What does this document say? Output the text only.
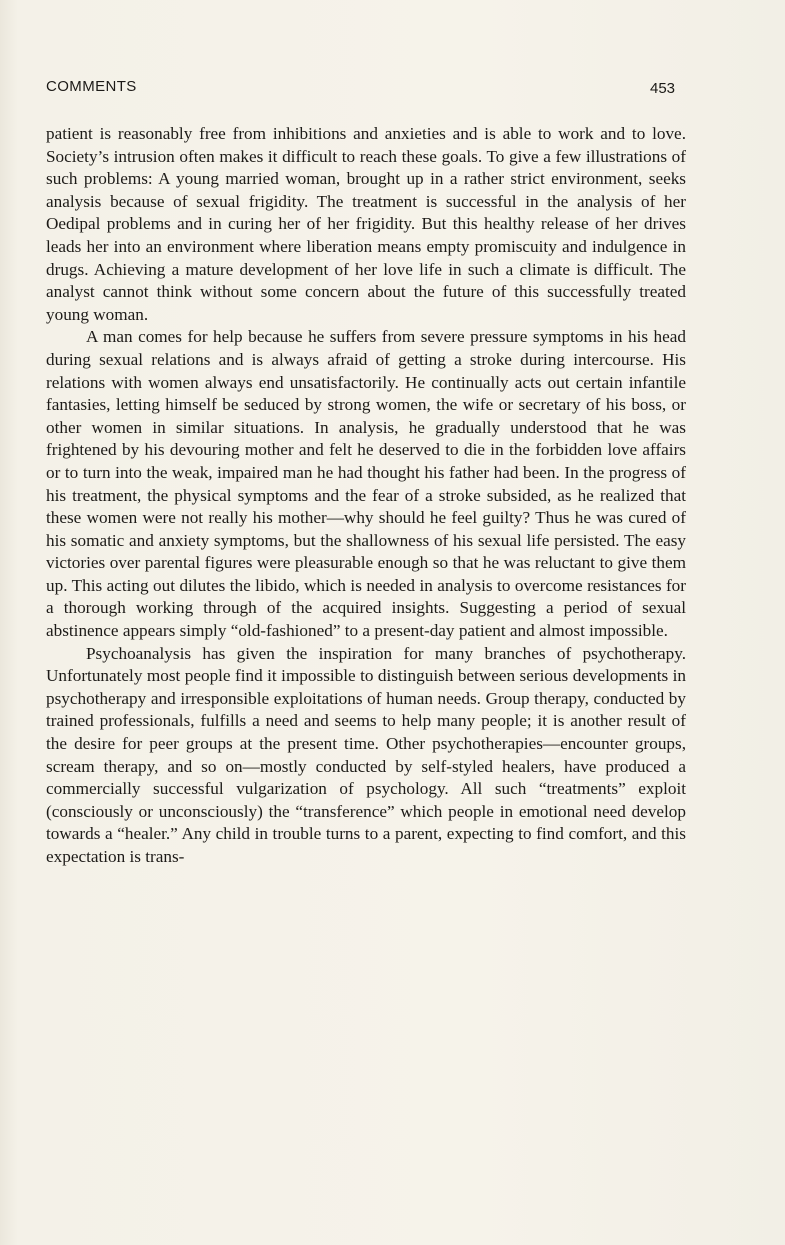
COMMENTS	453

patient is reasonably free from inhibitions and anxieties and is able to work and to love. Society’s intrusion often makes it difficult to reach these goals. To give a few illustrations of such problems: A young married woman, brought up in a rather strict environment, seeks analysis because of sexual frigidity. The treatment is successful in the analysis of her Oedipal problems and in curing her of her frigidity. But this healthy release of her drives leads her into an environment where liberation means empty promiscuity and indulgence in drugs. Achieving a mature development of her love life in such a climate is difficult. The analyst cannot think without some concern about the future of this successfully treated young woman.

A man comes for help because he suffers from severe pressure symptoms in his head during sexual relations and is always afraid of getting a stroke during intercourse. His relations with women always end unsatisfactorily. He continually acts out certain infantile fantasies, letting himself be seduced by strong women, the wife or secretary of his boss, or other women in similar situations. In analysis, he gradually understood that he was frightened by his devouring mother and felt he deserved to die in the forbidden love affairs or to turn into the weak, impaired man he had thought his father had been. In the progress of his treatment, the physical symptoms and the fear of a stroke subsided, as he realized that these women were not really his mother—why should he feel guilty? Thus he was cured of his somatic and anxiety symptoms, but the shallowness of his sexual life persisted. The easy victories over parental figures were pleasurable enough so that he was reluctant to give them up. This acting out dilutes the libido, which is needed in analysis to overcome resistances for a thorough working through of the acquired insights. Suggesting a period of sexual abstinence appears simply “old-fashioned” to a present-day patient and almost impossible.

Psychoanalysis has given the inspiration for many branches of psychotherapy. Unfortunately most people find it impossible to distinguish between serious developments in psychotherapy and irresponsible exploitations of human needs. Group therapy, conducted by trained professionals, fulfills a need and seems to help many people; it is another result of the desire for peer groups at the present time. Other psychotherapies—encounter groups, scream therapy, and so on—mostly conducted by self-styled healers, have produced a commercially successful vulgarization of psychology. All such “treatments” exploit (consciously or unconsciously) the “transference” which people in emotional need develop towards a “healer.” Any child in trouble turns to a parent, expecting to find comfort, and this expectation is trans-
